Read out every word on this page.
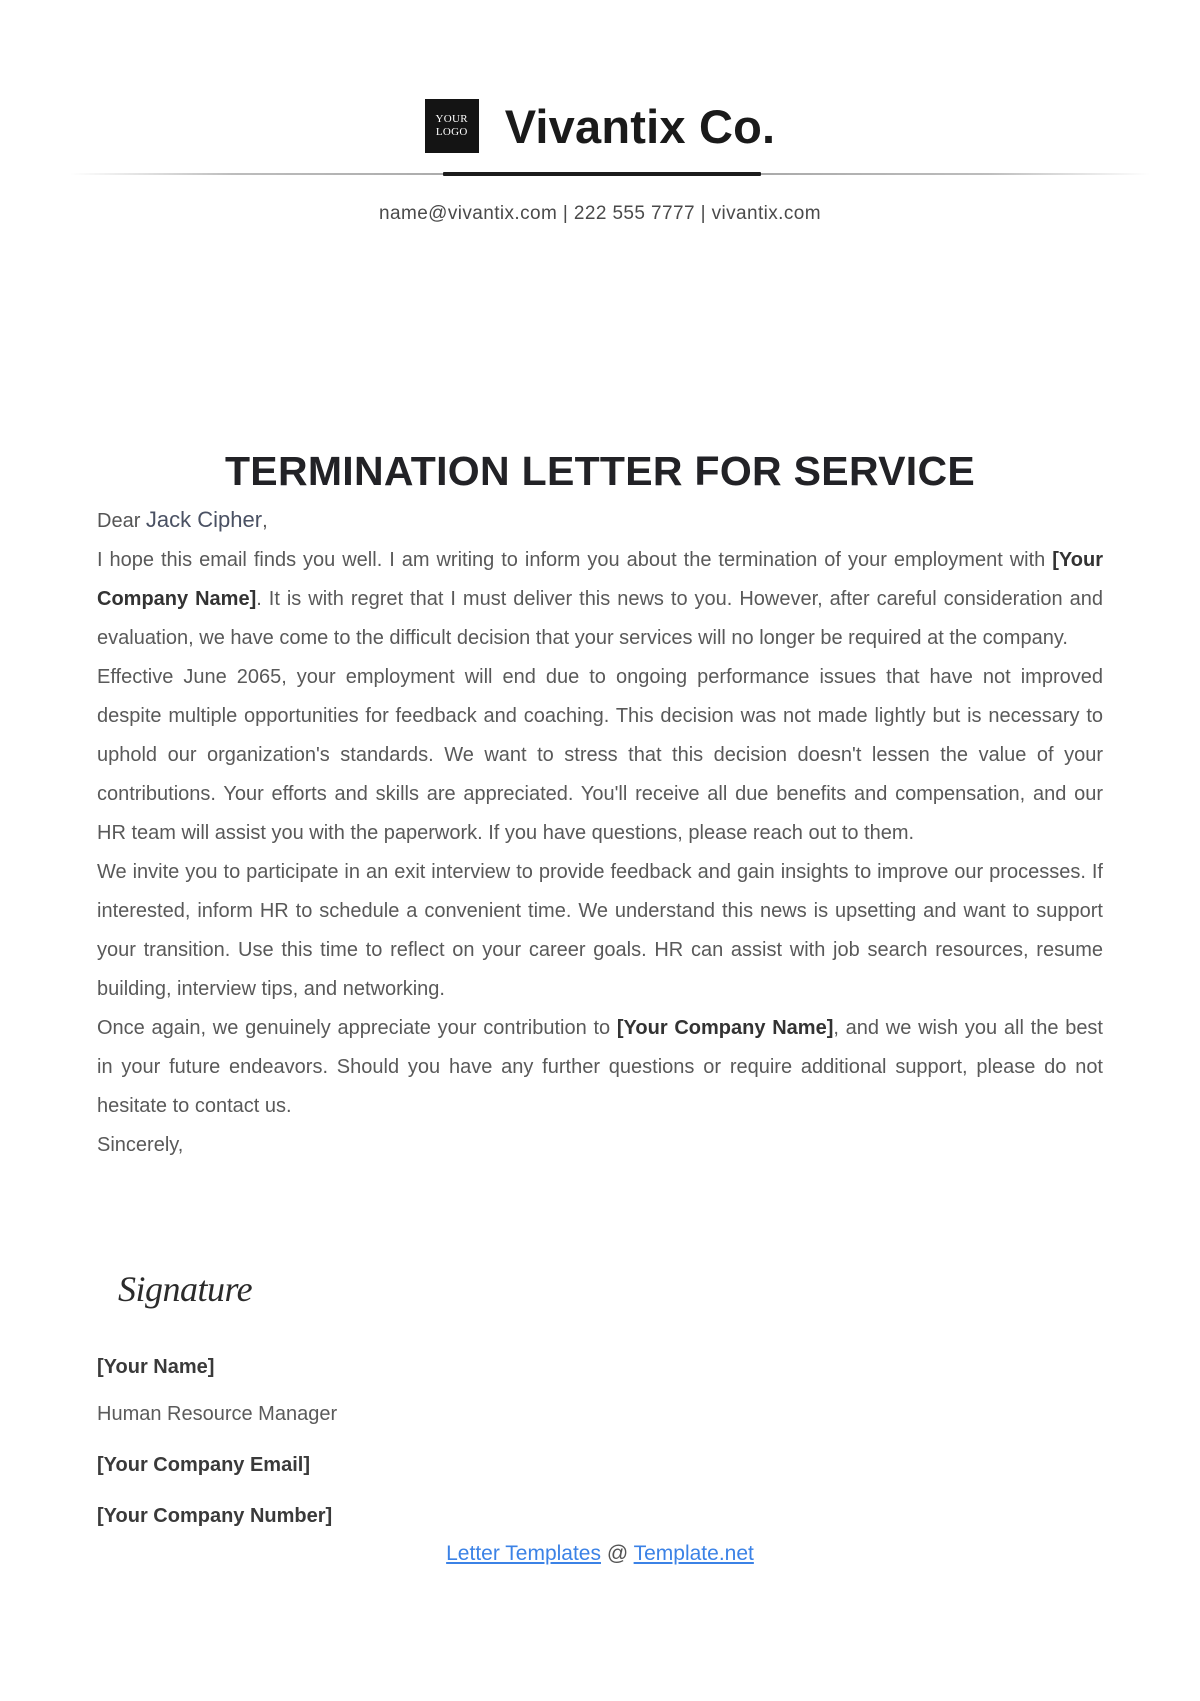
YOUR
LOGO Vivantix Co.
name@vivantix.com | 222 555 7777 | vivantix.com
TERMINATION LETTER FOR SERVICE

Dear Jack Cipher,

I hope this email finds you well. I am writing to inform you about the termination of your employment with [Your Company Name]. It is with regret that I must deliver this news to you. However, after careful consideration and evaluation, we have come to the difficult decision that your services will no longer be required at the company.

Effective June 2065, your employment will end due to ongoing performance issues that have not improved despite multiple opportunities for feedback and coaching. This decision was not made lightly but is necessary to uphold our organization's standards. We want to stress that this decision doesn't lessen the value of your contributions. Your efforts and skills are appreciated. You'll receive all due benefits and compensation, and our HR team will assist you with the paperwork. If you have questions, please reach out to them.

We invite you to participate in an exit interview to provide feedback and gain insights to improve our processes. If interested, inform HR to schedule a convenient time. We understand this news is upsetting and want to support your transition. Use this time to reflect on your career goals. HR can assist with job search resources, resume building, interview tips, and networking.

Once again, we genuinely appreciate your contribution to [Your Company Name], and we wish you all the best in your future endeavors. Should you have any further questions or require additional support, please do not hesitate to contact us.

Sincerely,

Signature
[Your Name]
Human Resource Manager
[Your Company Email]
[Your Company Number]
Letter Templates @ Template.net
